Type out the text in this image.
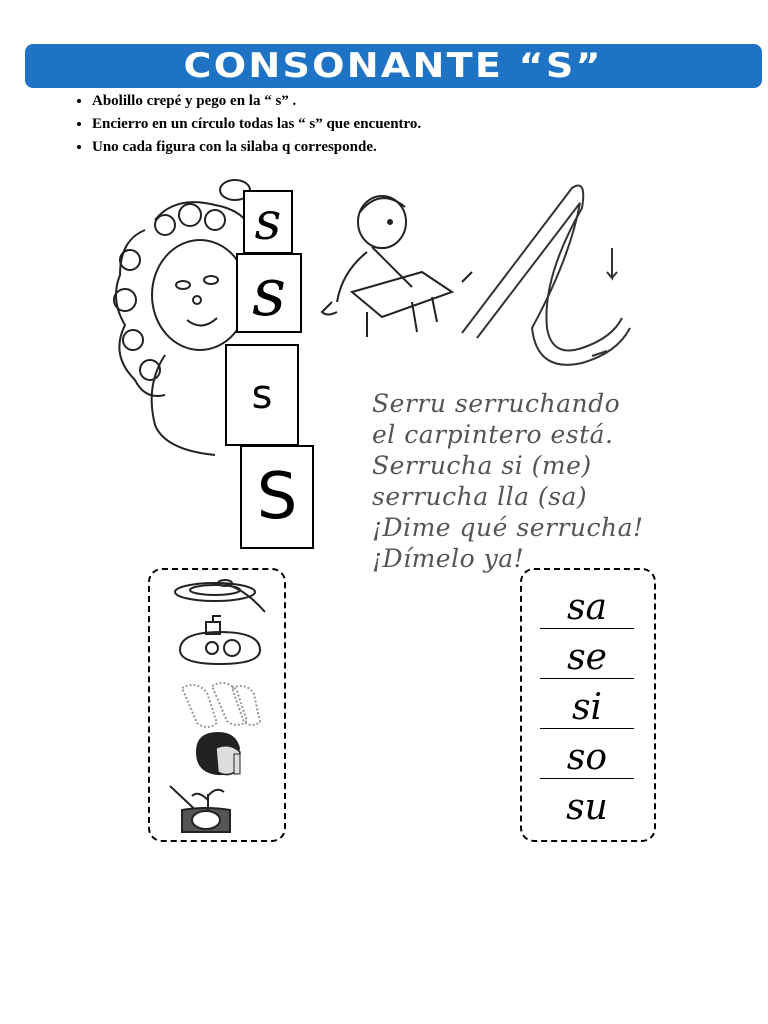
CONSONANTE “S”
• Abolillo crepé y pego en la “ s” .
• Encierro en un círculo todas las “ s” que encuentro.
• Uno cada figura con la silaba q corresponde.
s
s
s
S
Serru serruchando
el carpintero está.
Serrucha si (me)
serrucha lla (sa)
¡Dime qué serrucha!
¡Dímelo ya!
sa
se
si
so
su
